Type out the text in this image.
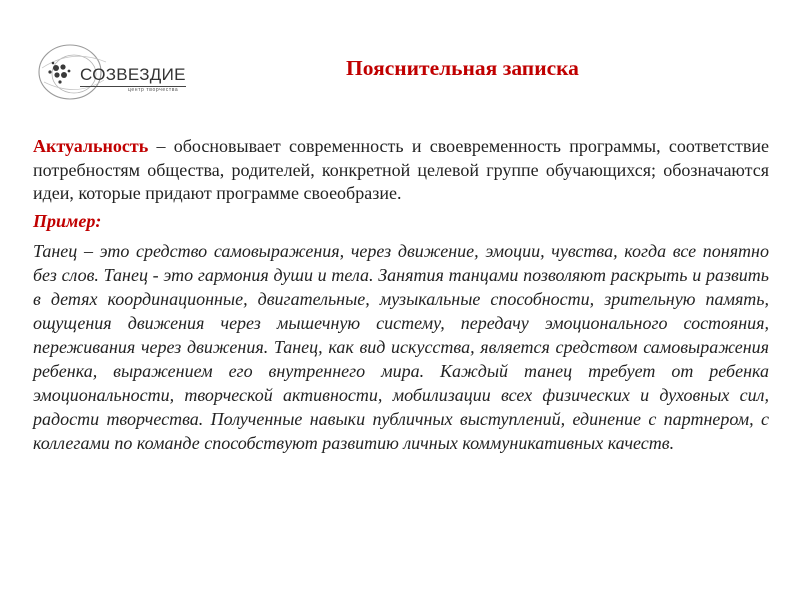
СОЗВЕЗДИЕ
центр творчества
Пояснительная записка

Актуальность – обосновывает современность и своевременность программы, соответствие потребностям общества, родителей, конкретной целевой группе обучающихся; обозначаются идеи, которые придают программе своеобразие.

Пример:

Танец – это средство самовыражения, через движение, эмоции, чувства, когда все понятно без слов. Танец - это гармония души и тела. Занятия танцами позволяют раскрыть и развить в детях координационные, двигательные, музыкальные способности, зрительную память, ощущения движения через мышечную систему, передачу эмоционального состояния, переживания через движения. Танец, как вид искусства, является средством самовыражения ребенка, выражением его внутреннего мира. Каждый танец требует от ребенка эмоциональности, творческой активности, мобилизации всех физических и духовных сил, радости творчества. Полученные навыки публичных выступлений, единение с партнером, с коллегами по команде способствуют развитию личных коммуникативных качеств.
